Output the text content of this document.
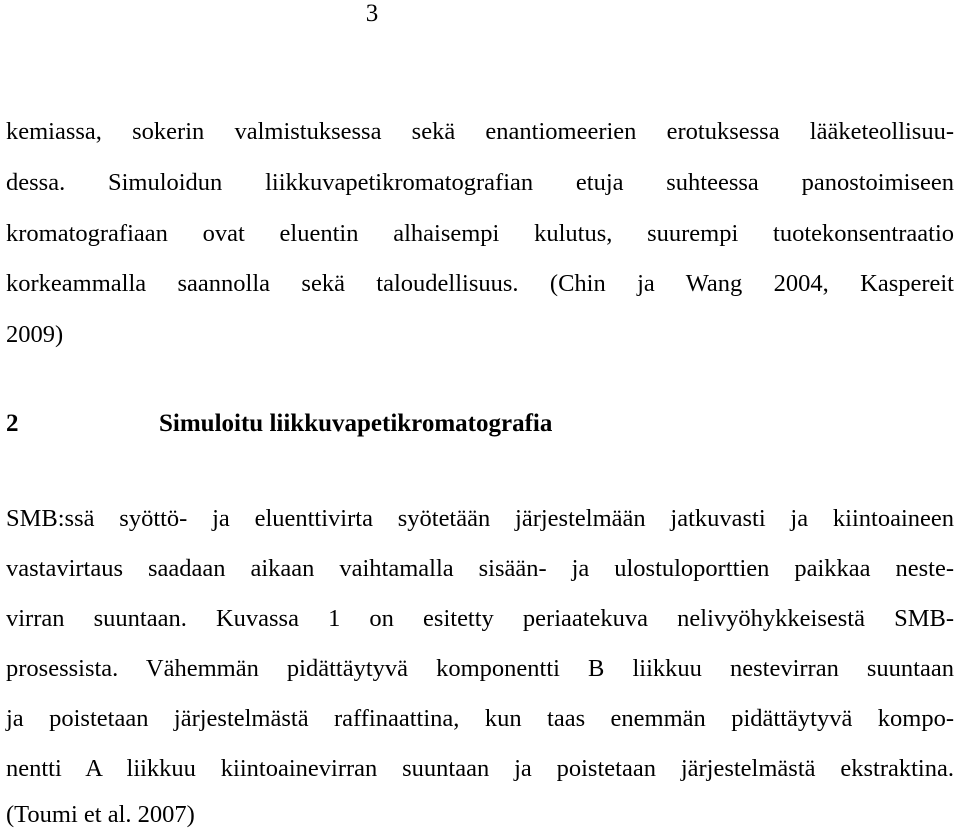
3
kemiassa, sokerin valmistuksessa sekä enantiomeerien erotuksessa lääketeollisuu-
dessa. Simuloidun liikkuvapetikromatografian etuja suhteessa panostoimiseen
kromatografiaan ovat eluentin alhaisempi kulutus, suurempi tuotekonsentraatio
korkeammalla saannolla sekä taloudellisuus. (Chin ja Wang 2004, Kaspereit
2009)
2	Simuloitu liikkuvapetikromatografia
SMB:ssä syöttö- ja eluenttivirta syötetään järjestelmään jatkuvasti ja kiintoaineen
vastavirtaus saadaan aikaan vaihtamalla sisään- ja ulostuloporttien paikkaa neste-
virran suuntaan. Kuvassa 1 on esitetty periaatekuva nelivyöhykkeisestä SMB-
prosessista. Vähemmän pidättäytyvä komponentti B liikkuu nestevirran suuntaan
ja poistetaan järjestelmästä raffinaattina, kun taas enemmän pidättäytyvä kompo-
nentti A liikkuu kiintoainevirran suuntaan ja poistetaan järjestelmästä ekstraktina.
(Toumi et al. 2007)
